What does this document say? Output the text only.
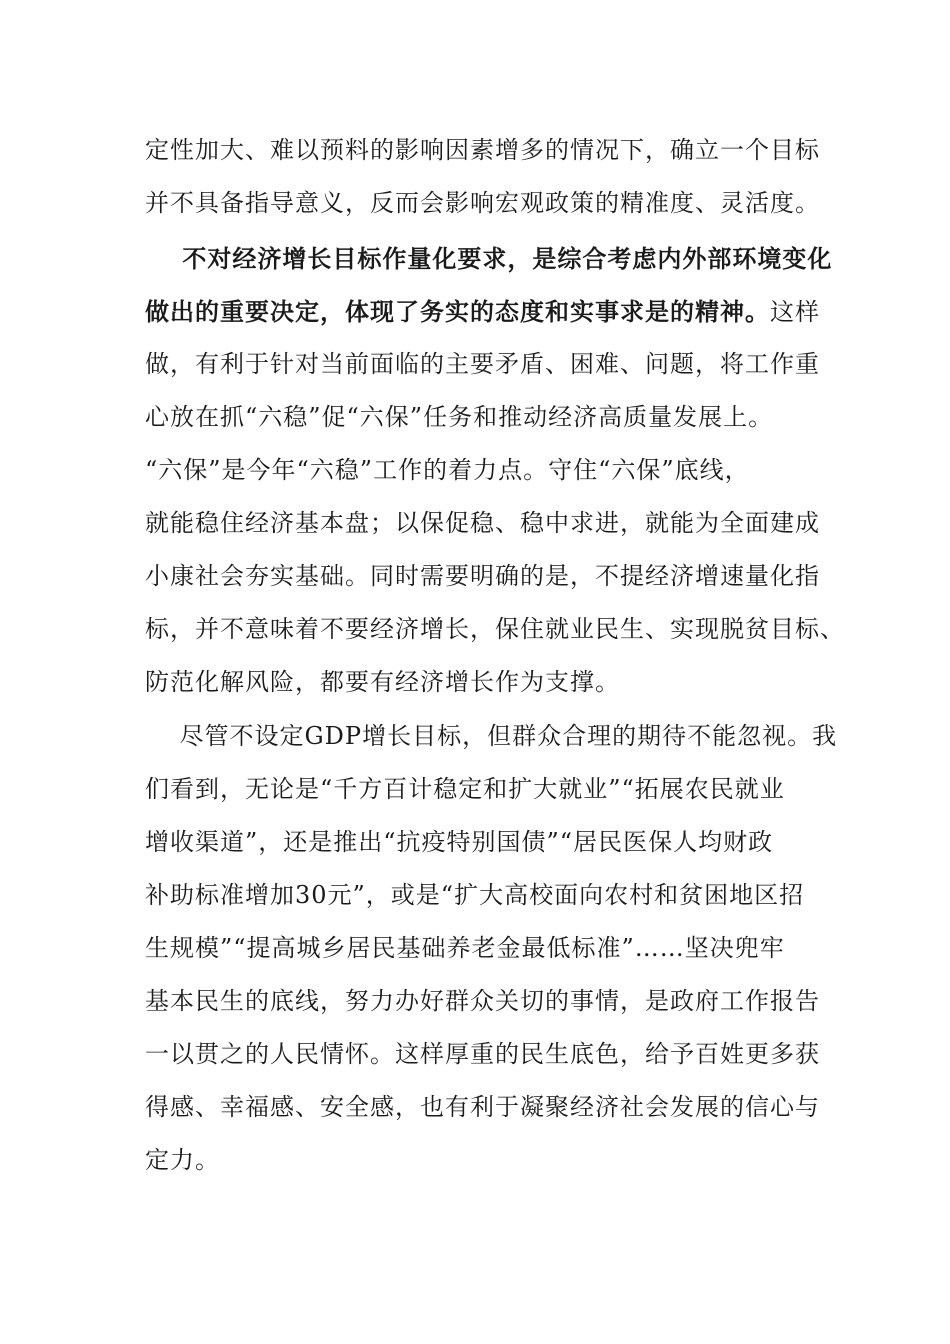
定性加大、难以预料的影响因素增多的情况下，确立一个目标
并不具备指导意义，反而会影响宏观政策的精准度、灵活度。
不对经济增长目标作量化要求，是综合考虑内外部环境变化
做出的重要决定，体现了务实的态度和实事求是的精神。这样
做，有利于针对当前面临的主要矛盾、困难、问题，将工作重
心放在抓“六稳”促“六保”任务和推动经济高质量发展上。
“六保”是今年“六稳”工作的着力点。守住“六保”底线，
就能稳住经济基本盘；以保促稳、稳中求进，就能为全面建成
小康社会夯实基础。同时需要明确的是，不提经济增速量化指
标，并不意味着不要经济增长，保住就业民生、实现脱贫目标、
防范化解风险，都要有经济增长作为支撑。
尽管不设定GDP增长目标，但群众合理的期待不能忽视。我
们看到，无论是“千方百计稳定和扩大就业”“拓展农民就业
增收渠道”，还是推出“抗疫特别国债”“居民医保人均财政
补助标准增加30元”，或是“扩大高校面向农村和贫困地区招
生规模”“提高城乡居民基础养老金最低标准”……坚决兜牢
基本民生的底线，努力办好群众关切的事情，是政府工作报告
一以贯之的人民情怀。这样厚重的民生底色，给予百姓更多获
得感、幸福感、安全感，也有利于凝聚经济社会发展的信心与
定力。
